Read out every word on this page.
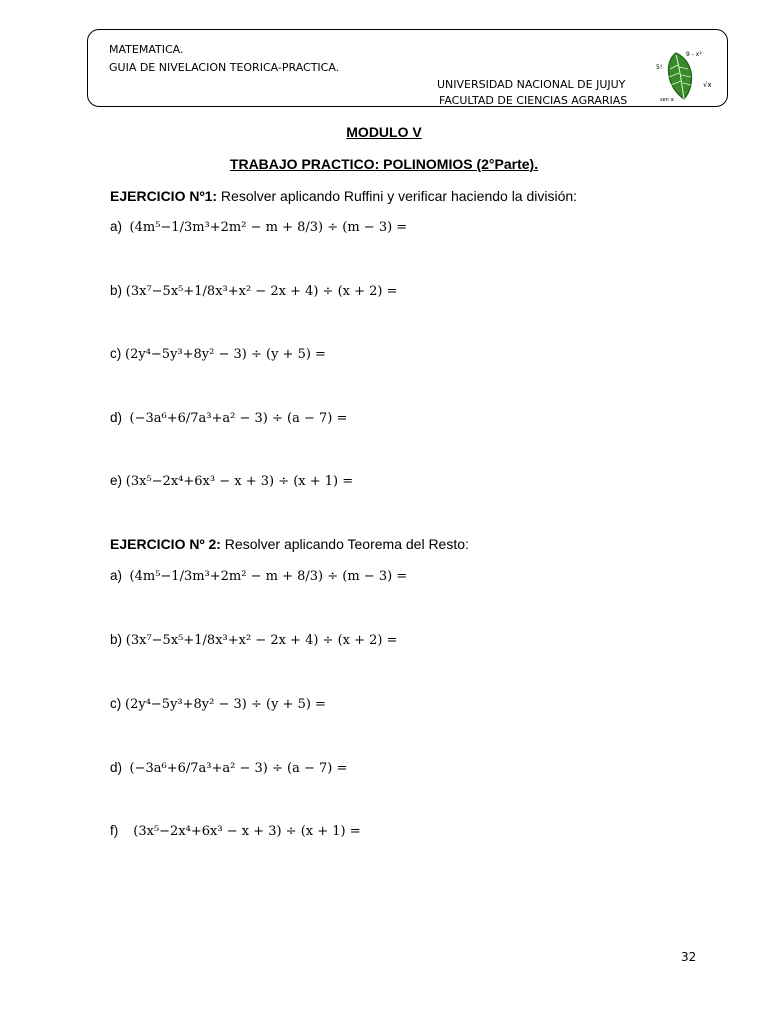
MATEMATICA.
GUIA DE NIVELACION TEORICA-PRACTICA.
UNIVERSIDAD NACIONAL DE JUJUY
FACULTAD DE CIENCIAS AGRARIAS
9 - x²
5!
√x
sen α
MODULO V
TRABAJO PRACTICO: POLINOMIOS (2°Parte).
EJERCICIO Nº1: Resolver aplicando Ruffini y verificar haciendo la división:
a) (4m⁵−1/3m³+2m² − m + 8/3) ÷ (m − 3) =
b) (3x⁷−5x⁵+1/8x³+x² − 2x + 4) ÷ (x + 2) =
c) (2y⁴−5y³+8y² − 3) ÷ (y + 5) =
d) (−3a⁶+6/7a³+a² − 3) ÷ (a − 7) =
e) (3x⁵−2x⁴+6x³ − x + 3) ÷ (x + 1) =
EJERCICIO Nº 2: Resolver aplicando Teorema del Resto:
a) (4m⁵−1/3m³+2m² − m + 8/3) ÷ (m − 3) =
b) (3x⁷−5x⁵+1/8x³+x² − 2x + 4) ÷ (x + 2) =
c) (2y⁴−5y³+8y² − 3) ÷ (y + 5) =
d) (−3a⁶+6/7a³+a² − 3) ÷ (a − 7) =
f) (3x⁵−2x⁴+6x³ − x + 3) ÷ (x + 1) =
32
